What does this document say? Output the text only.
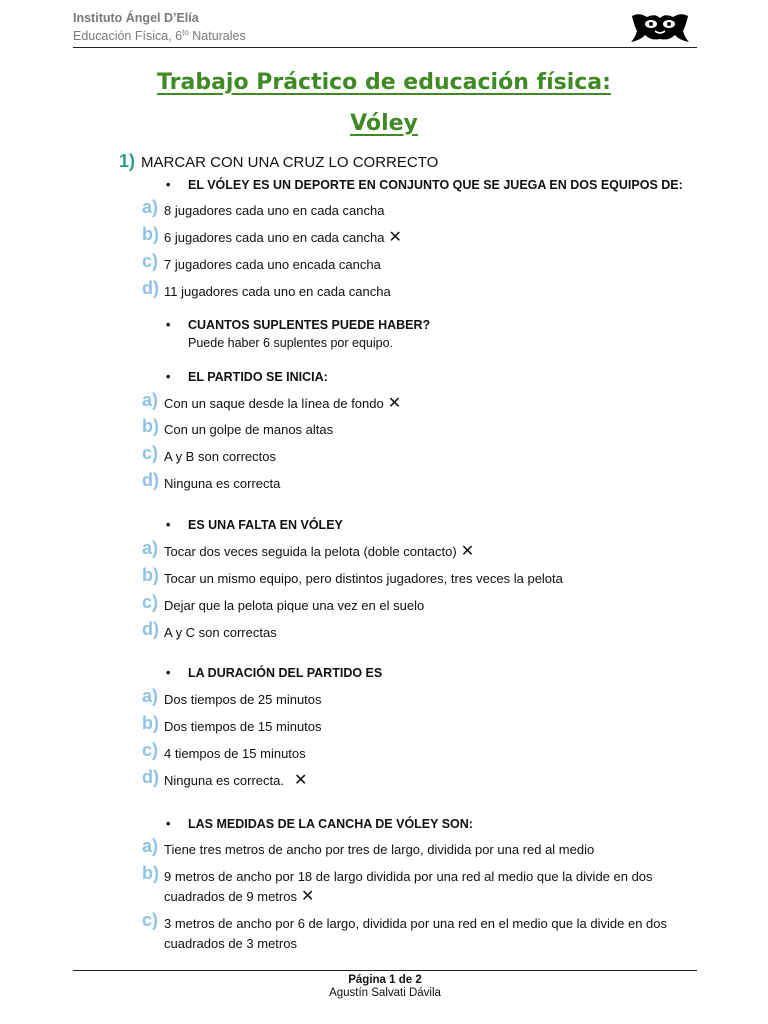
Instituto Ángel D’Elía
Educación Física, $6^{to}$ Naturales
Trabajo Práctico de educación física:
Vóley
1) MARCAR CON UNA CRUZ LO CORRECTO
• EL VÓLEY ES UN DEPORTE EN CONJUNTO QUE SE JUEGA EN DOS EQUIPOS DE:
a) 8 jugadores cada uno en cada cancha
b) 6 jugadores cada uno en cada cancha ✕
c) 7 jugadores cada uno encada cancha
d) 11 jugadores cada uno en cada cancha
• CUANTOS SUPLENTES PUEDE HABER?
Puede haber 6 suplentes por equipo.
• EL PARTIDO SE INICIA:
a) Con un saque desde la línea de fondo ✕
b) Con un golpe de manos altas
c) A y B son correctos
d) Ninguna es correcta
• ES UNA FALTA EN VÓLEY
a) Tocar dos veces seguida la pelota (doble contacto) ✕
b) Tocar un mismo equipo, pero distintos jugadores, tres veces la pelota
c) Dejar que la pelota pique una vez en el suelo
d) A y C son correctas
• LA DURACIÓN DEL PARTIDO ES
a) Dos tiempos de 25 minutos
b) Dos tiempos de 15 minutos
c) 4 tiempos de 15 minutos
d) Ninguna es correcta. ✕
• LAS MEDIDAS DE LA CANCHA DE VÓLEY SON:
a) Tiene tres metros de ancho por tres de largo, dividida por una red al medio
b) 9 metros de ancho por 18 de largo dividida por una red al medio que la divide en dos cuadrados de 9 metros ✕
c) 3 metros de ancho por 6 de largo, dividida por una red en el medio que la divide en dos cuadrados de 3 metros
Página 1 de 2
Agustín Salvati Dávila
